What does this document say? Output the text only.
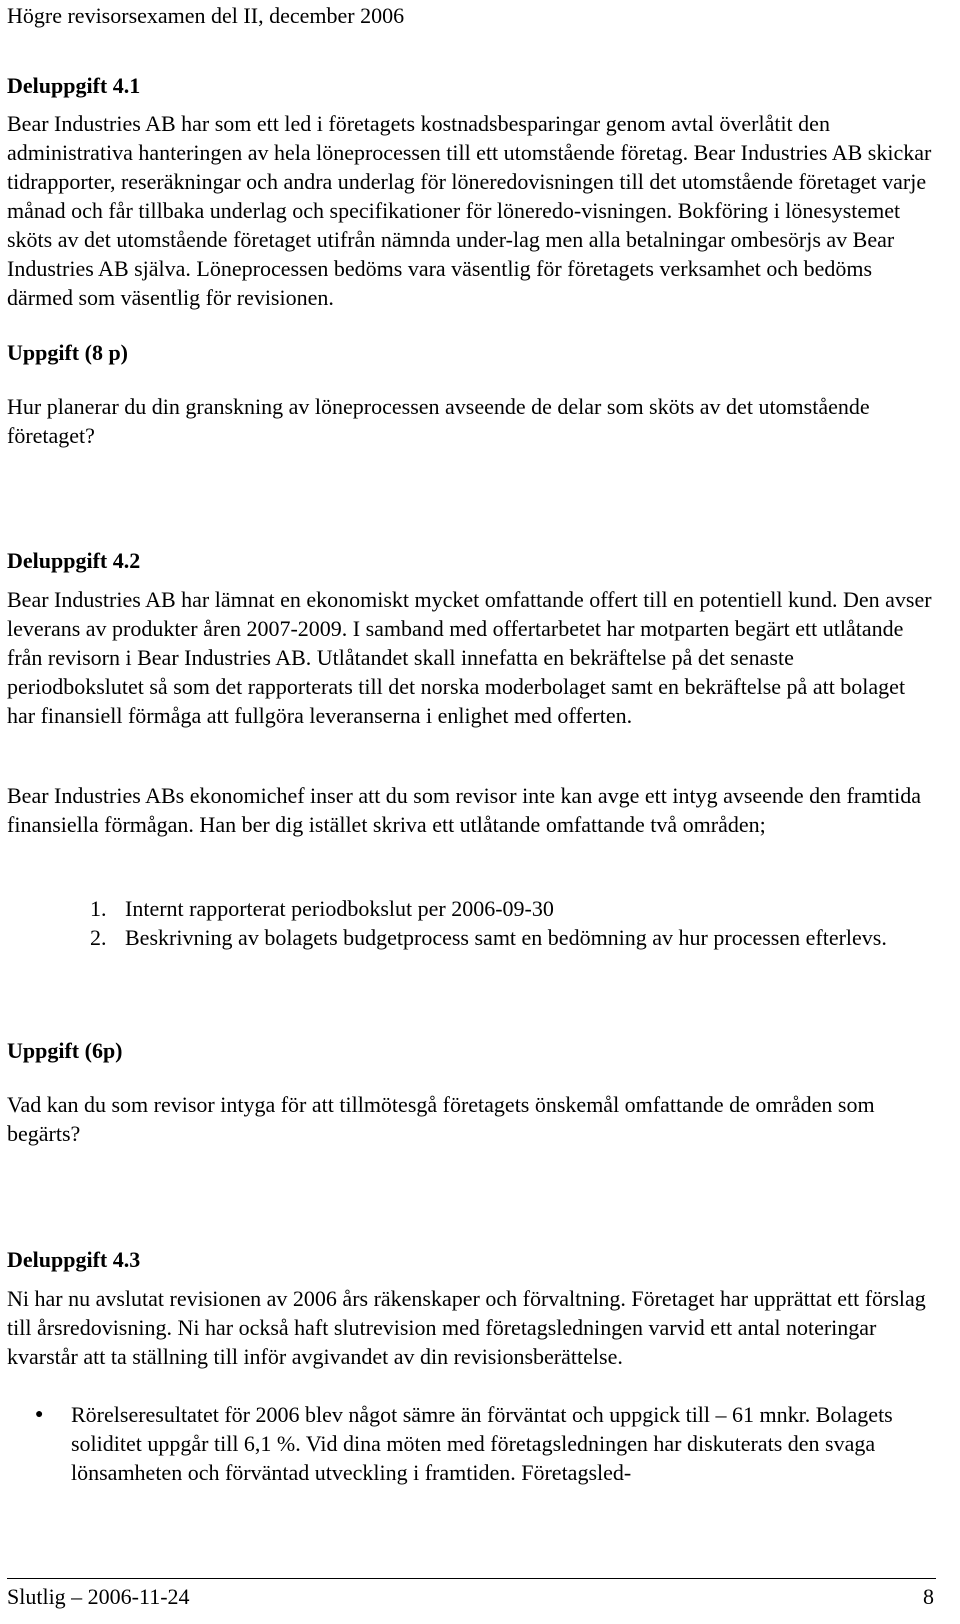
Högre revisorsexamen del II, december 2006
Deluppgift 4.1

Bear Industries AB har som ett led i företagets kostnadsbesparingar genom avtal överlåtit den administrativa hanteringen av hela löneprocessen till ett utomstående företag. Bear Industries AB skickar tidrapporter, reseräkningar och andra underlag för löneredovisningen till det utomstående företaget varje månad och får tillbaka underlag och specifikationer för löneredo-visningen. Bokföring i lönesystemet sköts av det utomstående företaget utifrån nämnda under-lag men alla betalningar ombesörjs av Bear Industries AB själva. Löneprocessen bedöms vara väsentlig för företagets verksamhet och bedöms därmed som väsentlig för revisionen.

Uppgift (8 p)

Hur planerar du din granskning av löneprocessen avseende de delar som sköts av det utomstående företaget?

Deluppgift 4.2

Bear Industries AB har lämnat en ekonomiskt mycket omfattande offert till en potentiell kund. Den avser leverans av produkter åren 2007-2009. I samband med offertarbetet har motparten begärt ett utlåtande från revisorn i Bear Industries AB. Utlåtandet skall innefatta en bekräftelse på det senaste periodbokslutet så som det rapporterats till det norska moderbolaget samt en bekräftelse på att bolaget har finansiell förmåga att fullgöra leveranserna i enlighet med offerten.

Bear Industries ABs ekonomichef inser att du som revisor inte kan avge ett intyg avseende den framtida finansiella förmågan. Han ber dig istället skriva ett utlåtande omfattande två områden;

1. Internt rapporterat periodbokslut per 2006-09-30
2. Beskrivning av bolagets budgetprocess samt en bedömning av hur processen efterlevs.
Uppgift (6p)

Vad kan du som revisor intyga för att tillmötesgå företagets önskemål omfattande de områden som begärts?

Deluppgift 4.3

Ni har nu avslutat revisionen av 2006 års räkenskaper och förvaltning. Företaget har upprättat ett förslag till årsredovisning. Ni har också haft slutrevision med företagsledningen varvid ett antal noteringar kvarstår att ta ställning till inför avgivandet av din revisionsberättelse.

● Rörelseresultatet för 2006 blev något sämre än förväntat och uppgick till – 61 mnkr. Bolagets soliditet uppgår till 6,1 %. Vid dina möten med företagsledningen har diskuterats den svaga lönsamheten och förväntad utveckling i framtiden. Företagsled-
Slutlig – 2006-11-24	8
